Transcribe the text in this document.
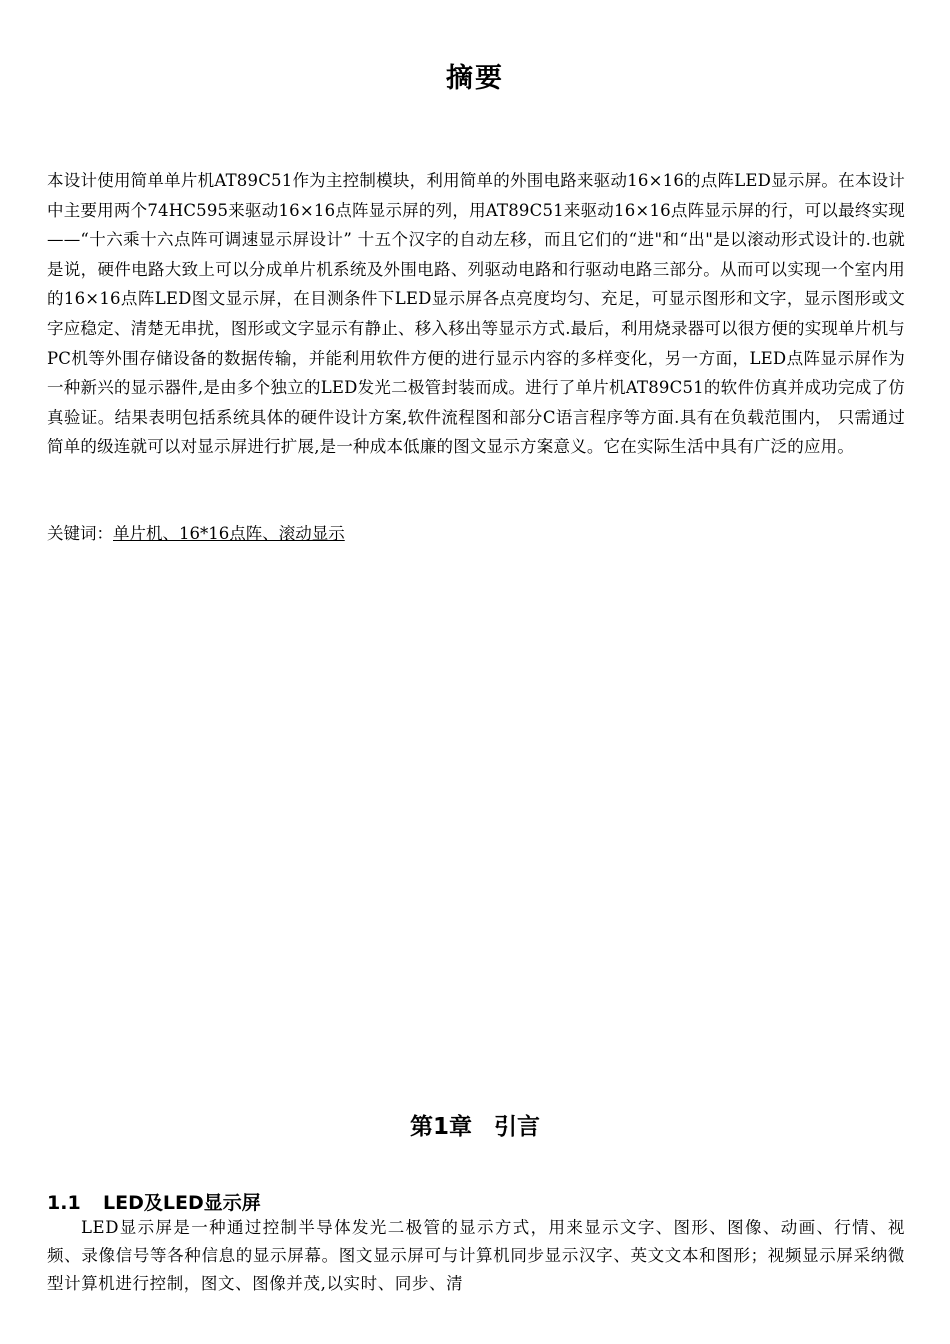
摘要
本设计使用简单单片机AT89C51作为主控制模块，利用简单的外围电路来驱动16×16的点阵LED显示屏。在本设计中主要用两个74HC595来驱动16×16点阵显示屏的列，用AT89C51来驱动16×16点阵显示屏的行，可以最终实现——“十六乘十六点阵可调速显示屏设计” 十五个汉字的自动左移，而且它们的“进"和“出"是以滚动形式设计的.也就是说，硬件电路大致上可以分成单片机系统及外围电路、列驱动电路和行驱动电路三部分。从而可以实现一个室内用的16×16点阵LED图文显示屏，在目测条件下LED显示屏各点亮度均匀、充足，可显示图形和文字，显示图形或文字应稳定、清楚无串扰，图形或文字显示有静止、移入移出等显示方式.最后，利用烧录器可以很方便的实现单片机与PC机等外围存储设备的数据传输，并能利用软件方便的进行显示内容的多样变化，另一方面，LED点阵显示屏作为一种新兴的显示器件,是由多个独立的LED发光二极管封装而成。进行了单片机AT89C51的软件仿真并成功完成了仿真验证。结果表明包括系统具体的硬件设计方案,软件流程图和部分C语言程序等方面.具有在负载范围内， 只需通过简单的级连就可以对显示屏进行扩展,是一种成本低廉的图文显示方案意义。它在实际生活中具有广泛的应用。
关键词：单片机、16*16点阵、滚动显示
第1章 引言
1.1 LED及LED显示屏
LED显示屏是一种通过控制半导体发光二极管的显示方式，用来显示文字、图形、图像、动画、行情、视频、录像信号等各种信息的显示屏幕。图文显示屏可与计算机同步显示汉字、英文文本和图形；视频显示屏采纳微型计算机进行控制，图文、图像并茂,以实时、同步、清
